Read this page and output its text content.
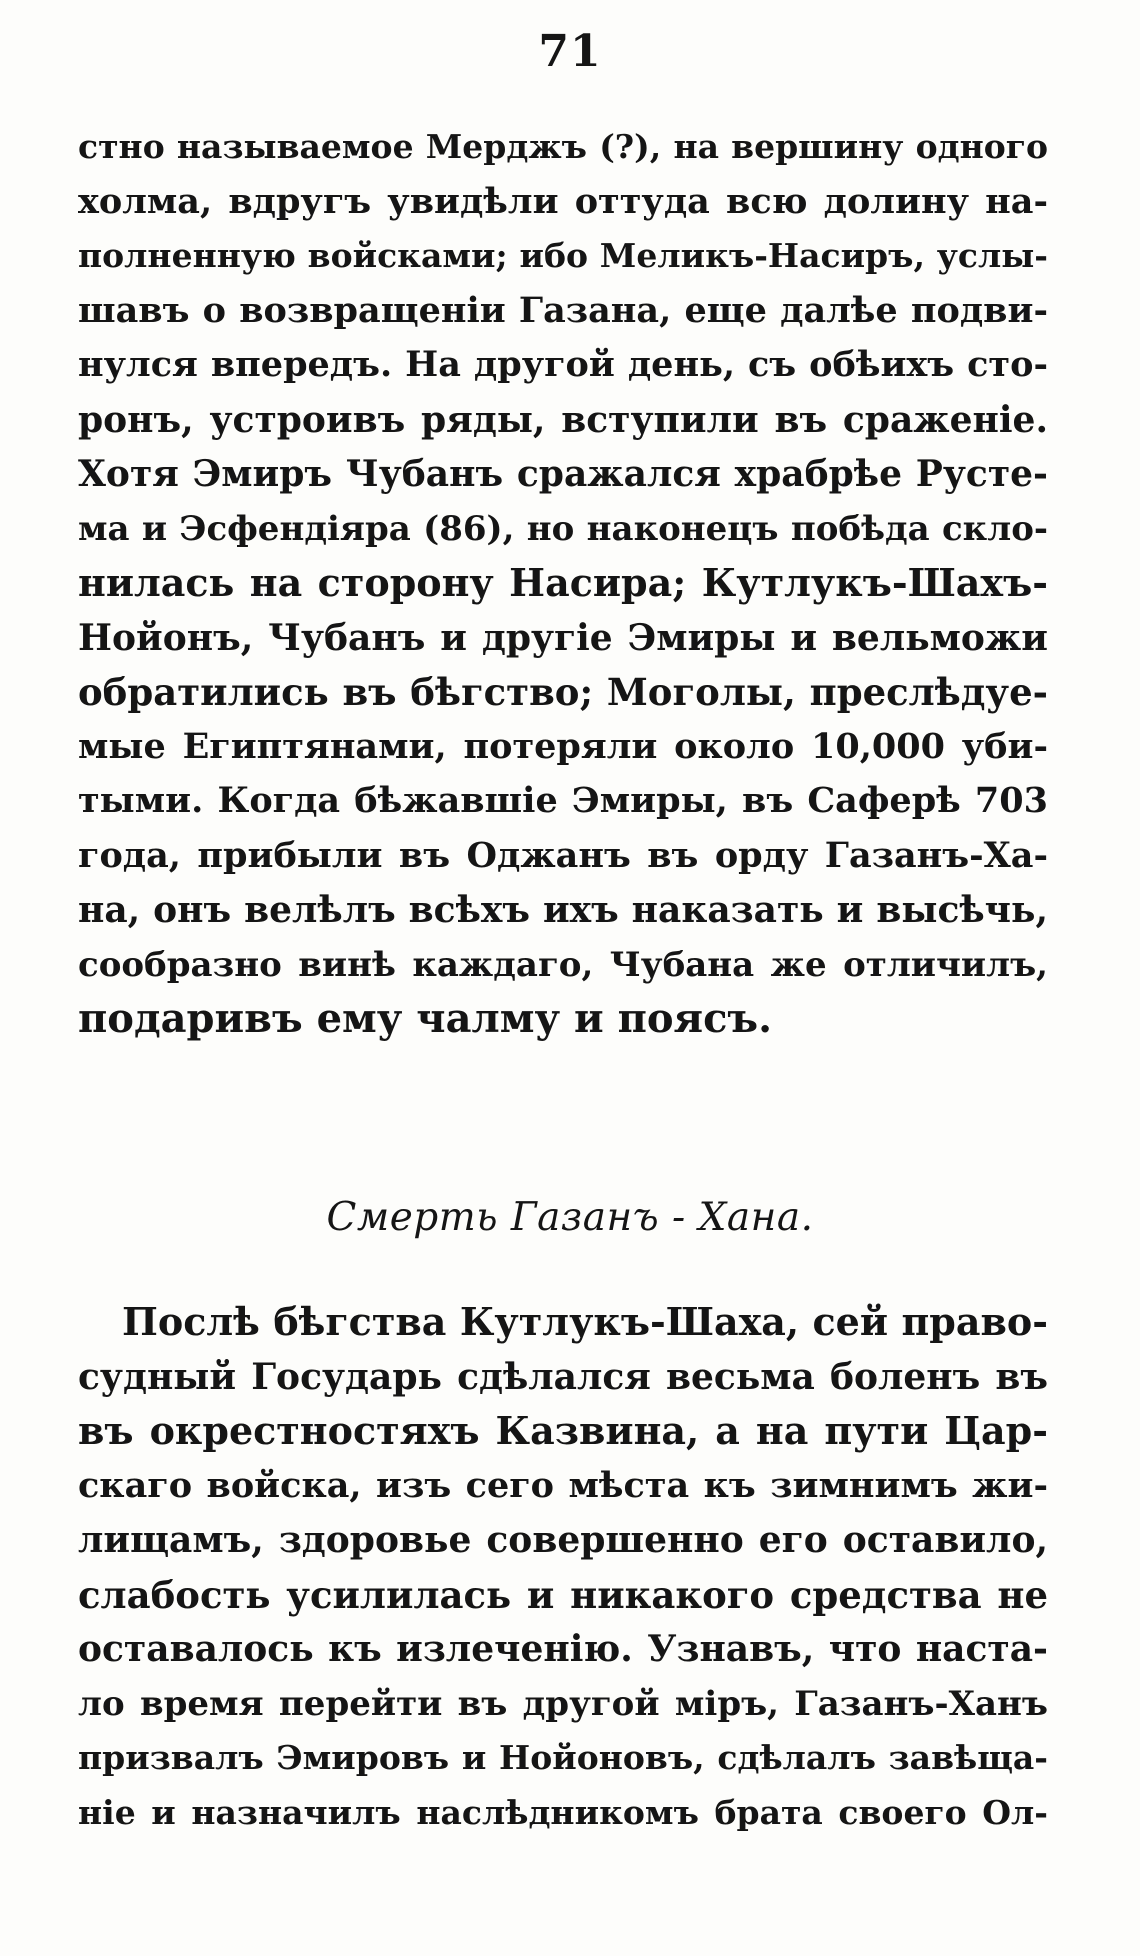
71
стно называемое Мерджъ (?), на вершину одного
холма, вдругъ увидѣли оттуда всю долину на-
полненную войсками; ибо Меликъ-Насиръ, услы-
шавъ о возвращеніи Газана, еще далѣе подви-
нулся впередъ. На другой день, съ обѣихъ сто-
ронъ, устроивъ ряды, вступили въ сраженіе.
Хотя Эмиръ Чубанъ сражался храбрѣе Рустe-
ма и Эсфендіяра (86), но наконецъ побѣда скло-
нилась на сторону Насира; Кутлукъ-Шахъ-
Нойонъ, Чубанъ и другіе Эмиры и вельможи
обратились въ бѣгство; Моголы, преслѣдуе-
мые Египтянами, потеряли около 10,000 уби-
тыми. Когда бѣжавшіе Эмиры, въ Саферѣ 703
года, прибыли въ Оджанъ въ орду Газанъ-Ха-
на, онъ велѣлъ всѣхъ ихъ наказать и высѣчь,
сообразно винѣ каждаго, Чубана же отличилъ,
подаривъ ему чалму и поясъ.
Смерть Газанъ - Хана.
Послѣ бѣгства Кутлукъ-Шаха, сей право-
судный Государь сдѣлался весьма боленъ въ
въ окрестностяхъ Казвина, а на пути Цар-
скаго войска, изъ сего мѣста къ зимнимъ жи-
лищамъ, здоровье совершенно его оставило,
слабость усилилась и никакого средства не
оставалось къ излеченію. Узнавъ, что наста-
ло время перейти въ другой міръ, Газанъ-Ханъ
призвалъ Эмировъ и Нойоновъ, сдѣлалъ завѣща-
ніе и назначилъ наслѣдникомъ брата своего Ол-
